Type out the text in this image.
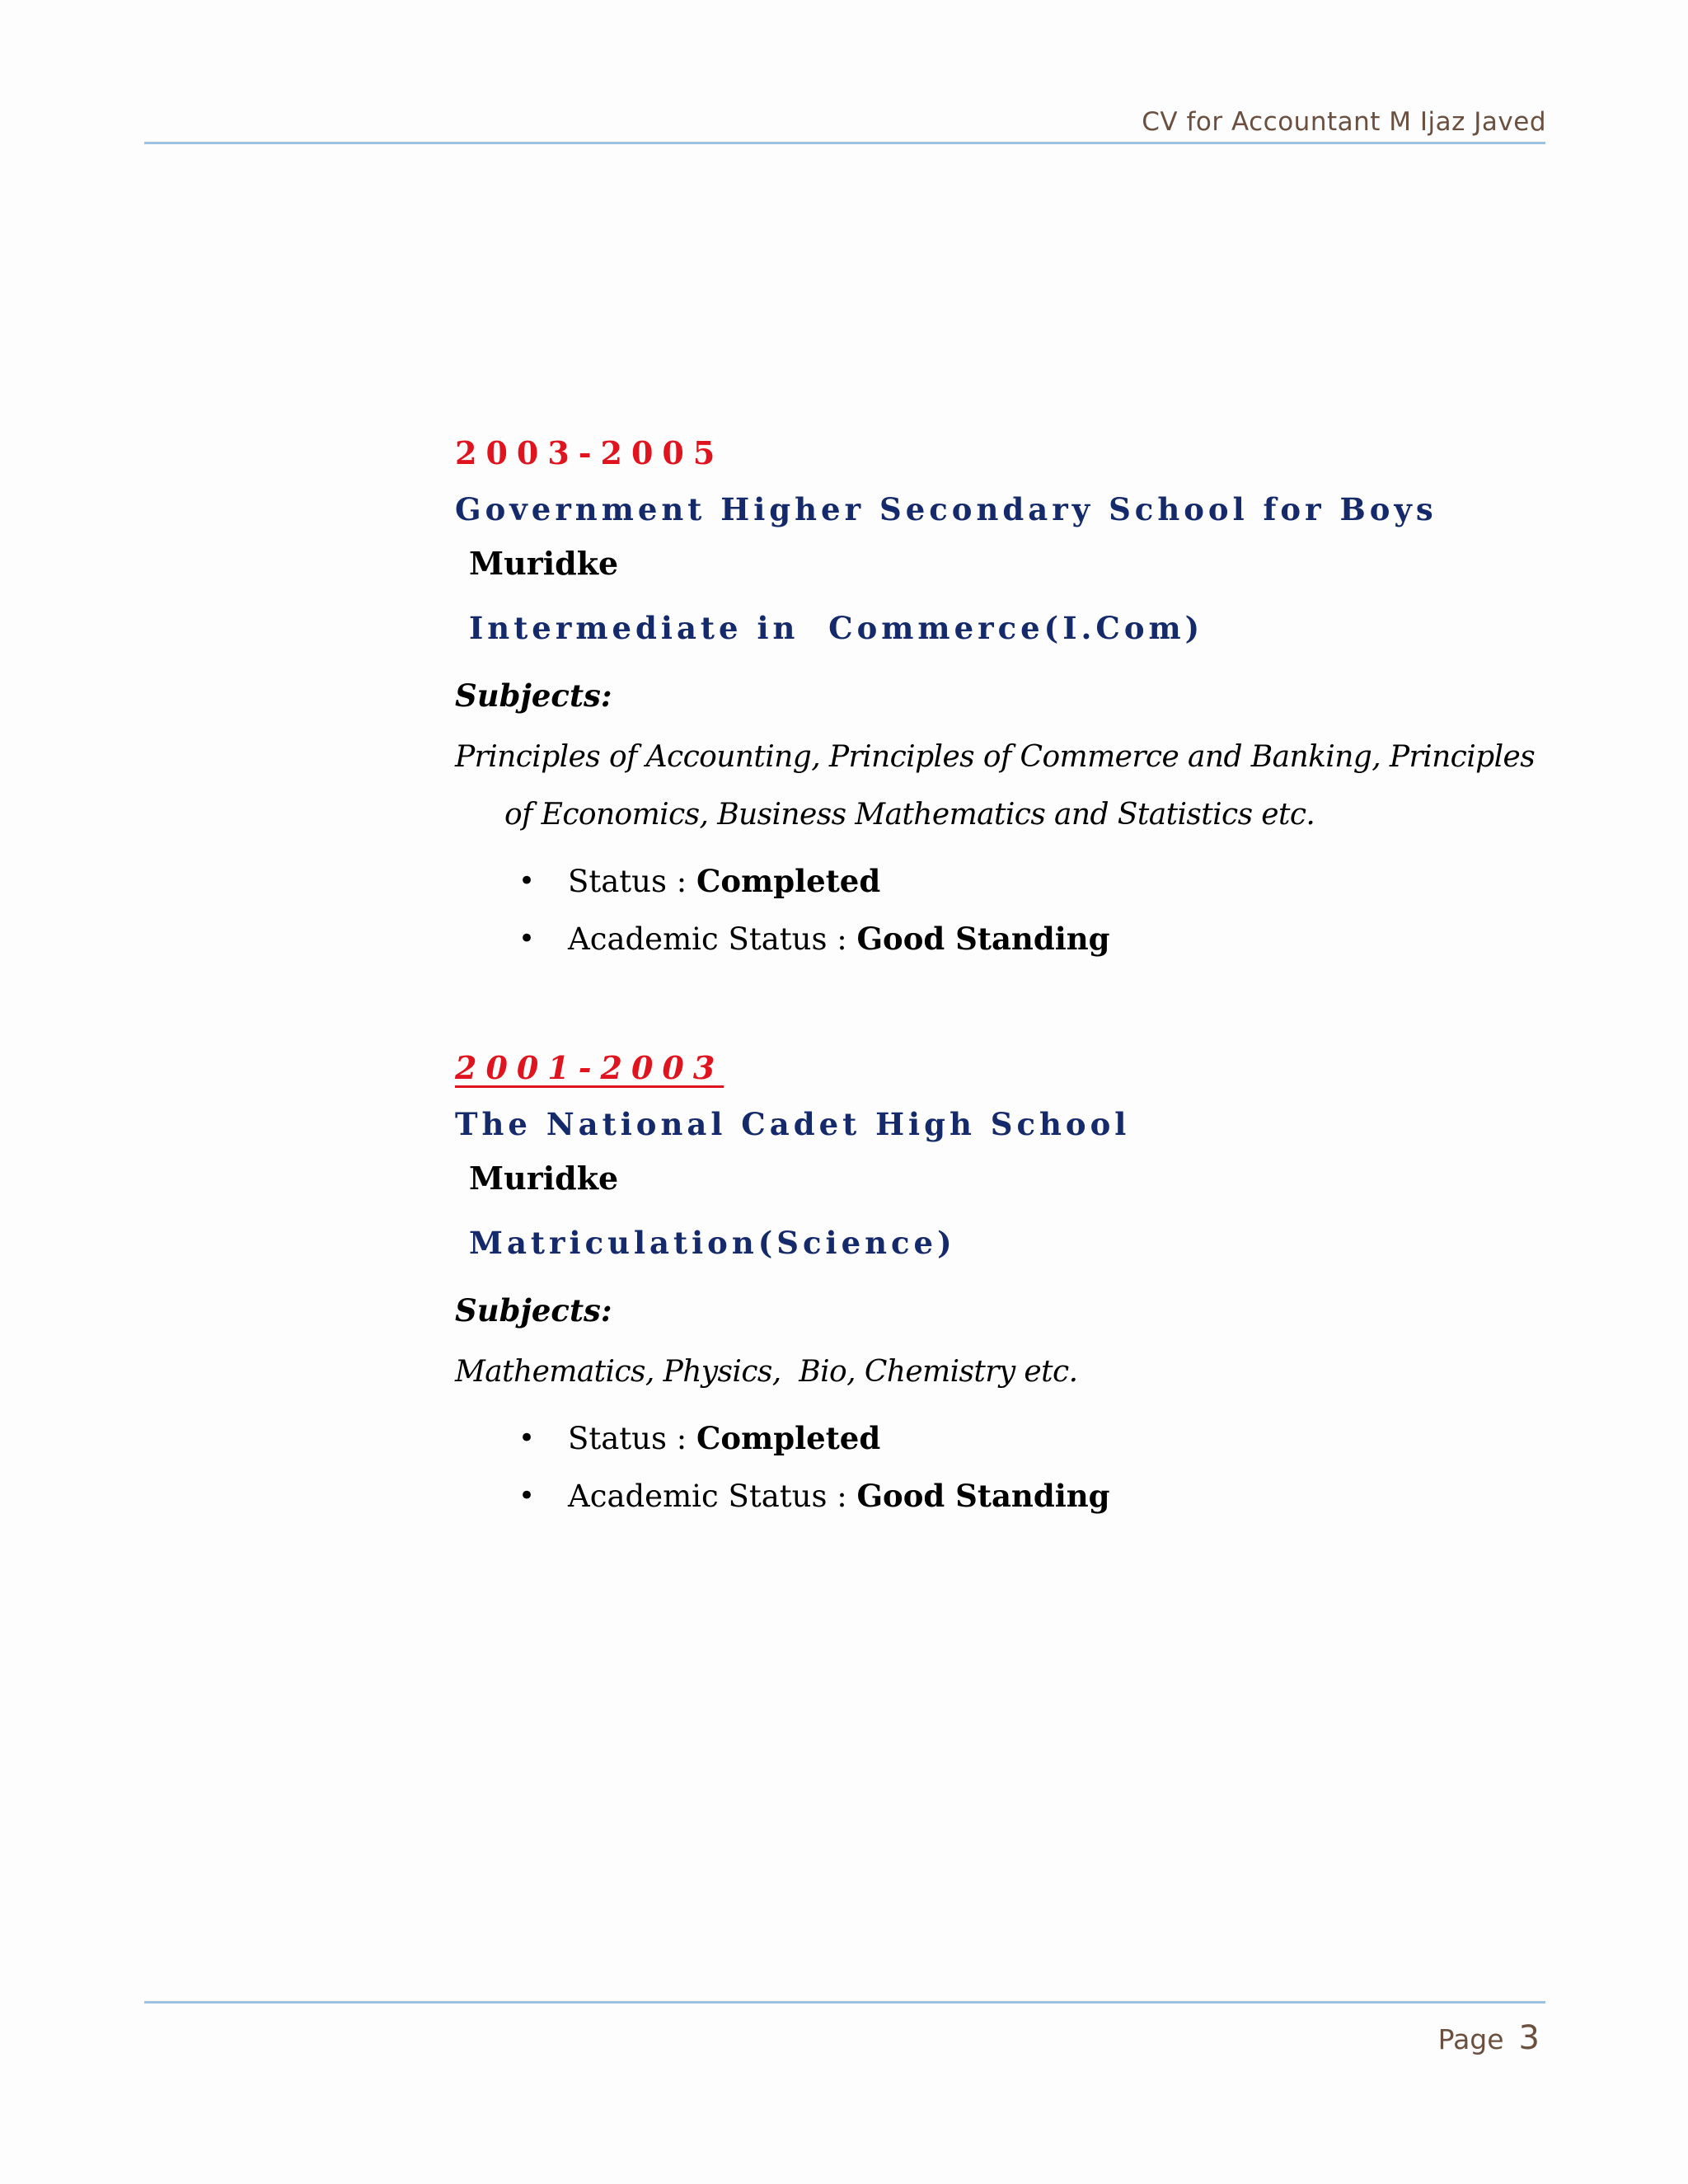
CV for Accountant M Ijaz Javed
2003-2005
Government Higher Secondary School for Boys
Muridke
Intermediate in  Commerce(I.Com)
Subjects:
Principles of Accounting, Principles of Commerce and Banking, Principles of Economics, Business Mathematics and Statistics etc.
• Status : Completed
• Academic Status : Good Standing
2001-2003
The National Cadet High School
Muridke
Matriculation(Science)
Subjects:
Mathematics, Physics,  Bio, Chemistry etc.
• Status : Completed
• Academic Status : Good Standing
Page 3
